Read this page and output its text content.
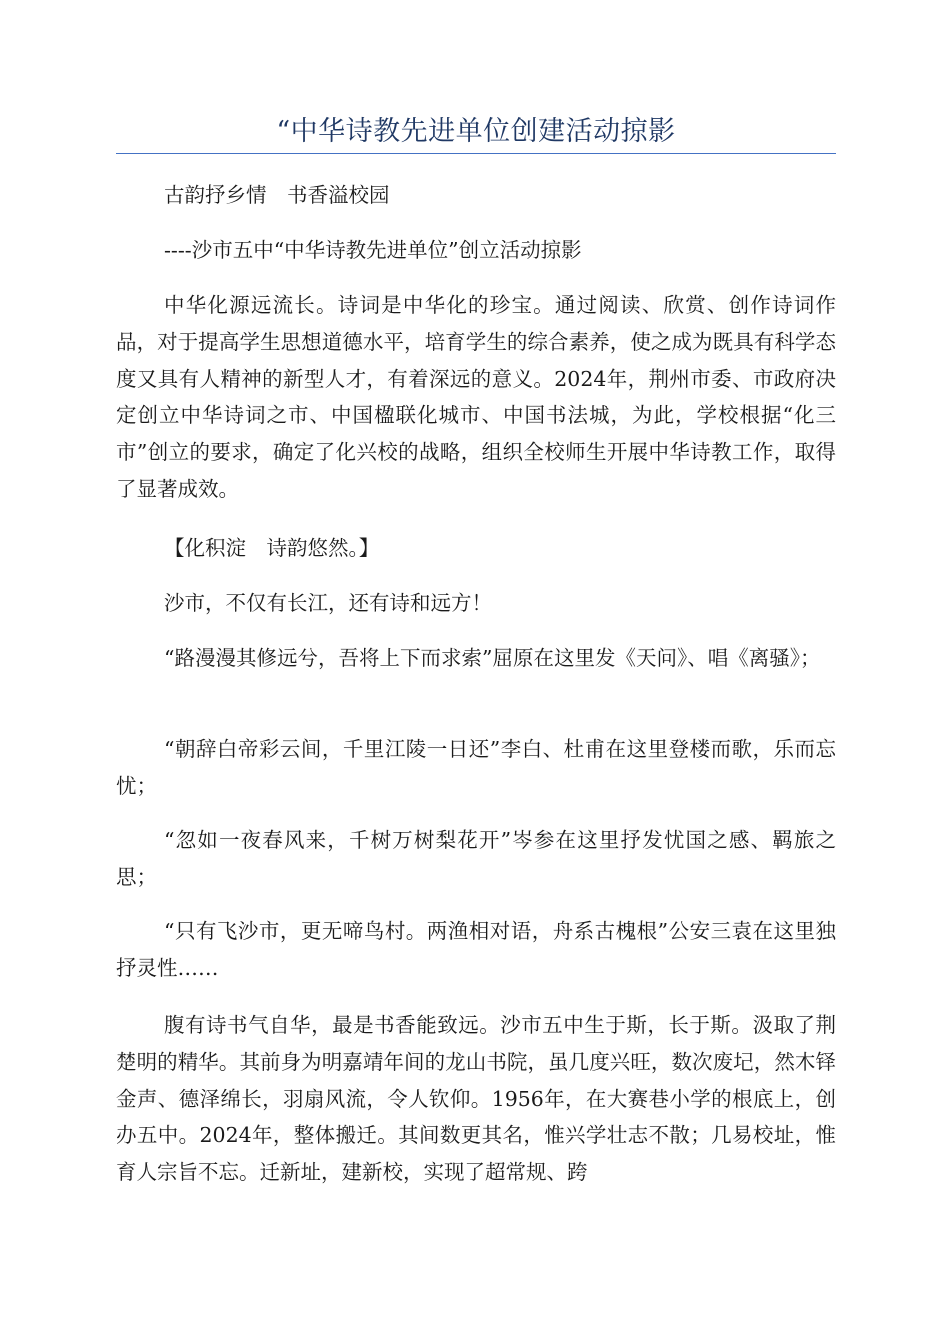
“中华诗教先进单位创建活动掠影

古韵抒乡情　书香溢校园

----沙市五中“中华诗教先进单位”创立活动掠影

中华化源远流长。诗词是中华化的珍宝。通过阅读、欣赏、创作诗词作品，对于提高学生思想道德水平，培育学生的综合素养，使之成为既具有科学态度又具有人精神的新型人才，有着深远的意义。2024年，荆州市委、市政府决定创立中华诗词之市、中国楹联化城市、中国书法城，为此，学校根据“化三市”创立的要求，确定了化兴校的战略，组织全校师生开展中华诗教工作，取得了显著成效。

【化积淀　诗韵悠然。】

沙市，不仅有长江，还有诗和远方！

“路漫漫其修远兮，吾将上下而求索”屈原在这里发《天问》、唱《离骚》；

“朝辞白帝彩云间，千里江陵一日还”李白、杜甫在这里登楼而歌，乐而忘忧；

“忽如一夜春风来，千树万树梨花开”岑参在这里抒发忧国之感、羁旅之思；

“只有飞沙市，更无啼鸟村。两渔相对语，舟系古槐根”公安三袁在这里独抒灵性……

腹有诗书气自华，最是书香能致远。沙市五中生于斯，长于斯。汲取了荆楚明的精华。其前身为明嘉靖年间的龙山书院，虽几度兴旺，数次废圮，然木铎金声、德泽绵长，羽扇风流，令人钦仰。1956年，在大赛巷小学的根底上，创办五中。2024年，整体搬迁。其间数更其名，惟兴学壮志不散；几易校址，惟育人宗旨不忘。迁新址，建新校，实现了超常规、跨
